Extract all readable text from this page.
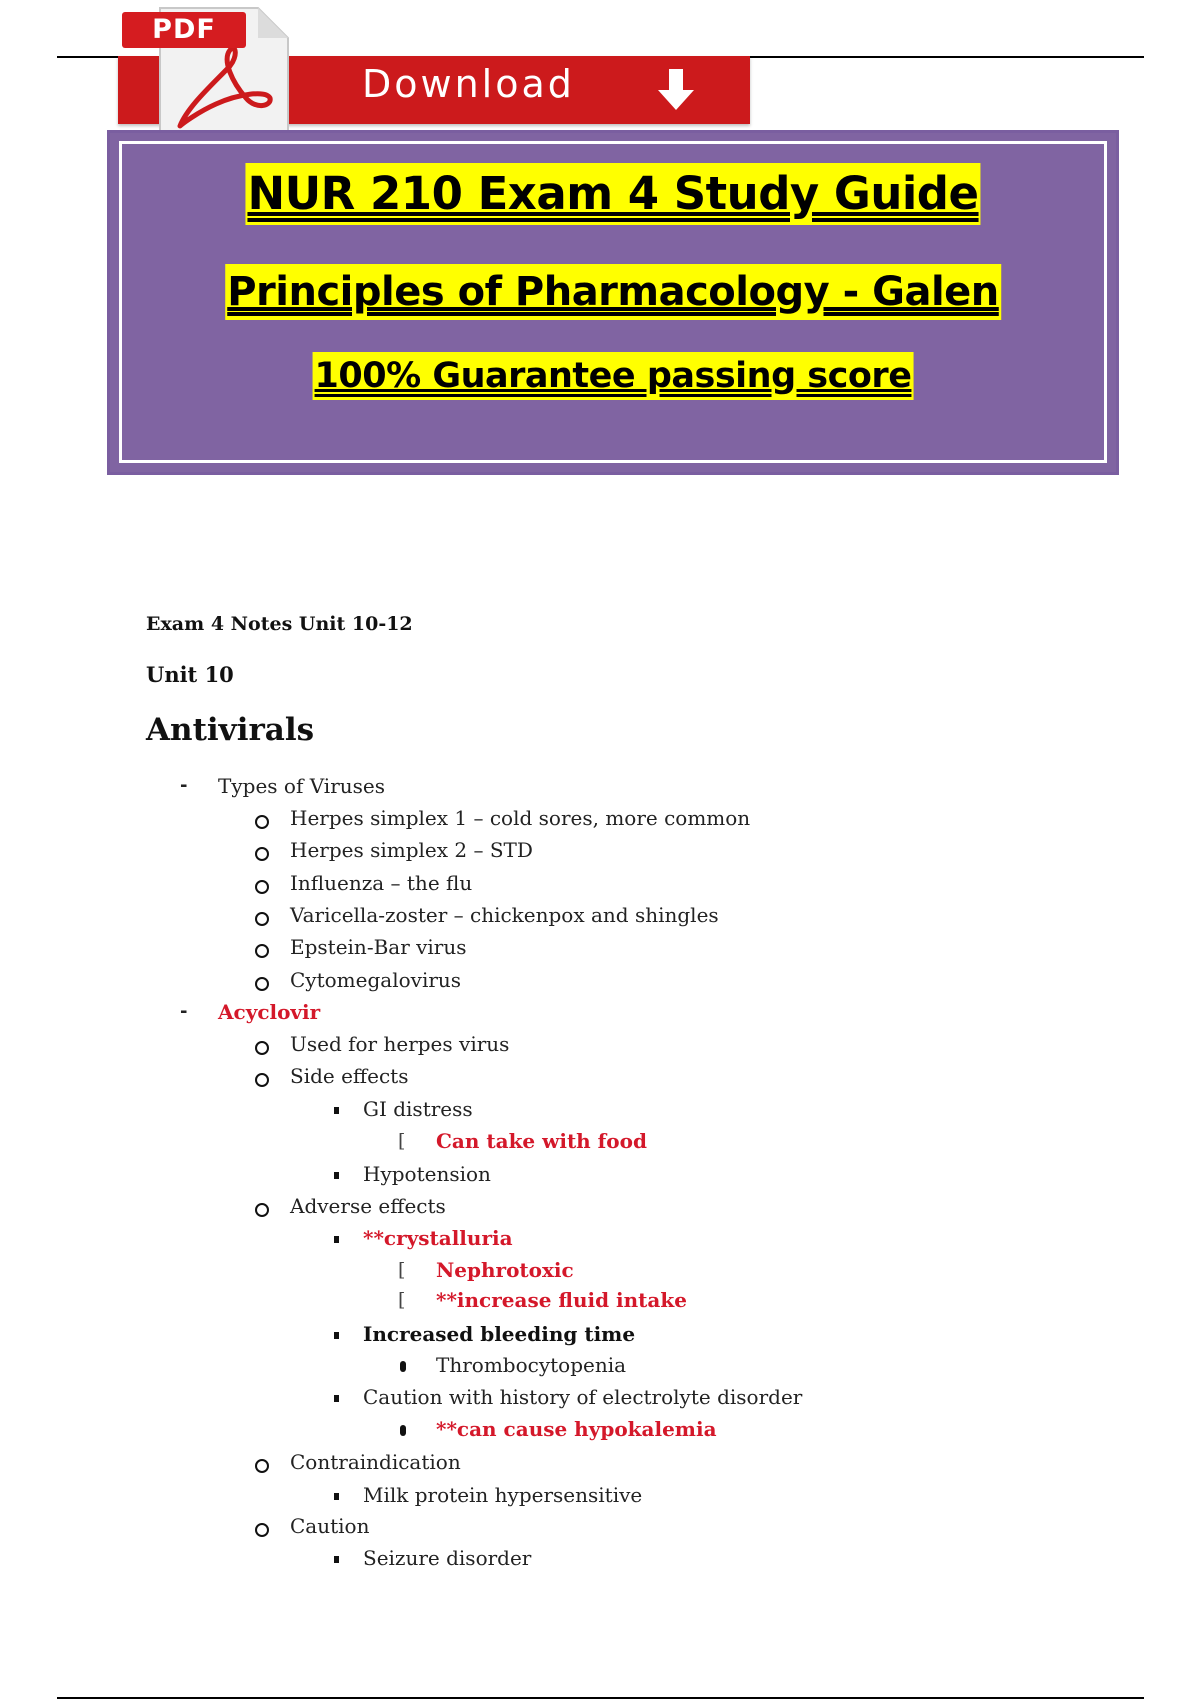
Download
PDF
NUR 210 Exam 4 Study Guide
Principles of Pharmacology - Galen
100% Guarantee passing score
Exam 4 Notes Unit 10-12
Unit 10
Antivirals
- Types of Viruses
Herpes simplex 1 – cold sores, more common
Herpes simplex 2 – STD
Influenza – the flu
Varicella-zoster – chickenpox and shingles
Epstein-Bar virus
Cytomegalovirus
- Acyclovir
Used for herpes virus
Side effects
GI distress
[ Can take with food
Hypotension
Adverse effects
**crystalluria
[ Nephrotoxic
[ **increase fluid intake
Increased bleeding time
Thrombocytopenia
Caution with history of electrolyte disorder
**can cause hypokalemia
Contraindication
Milk protein hypersensitive
Caution
Seizure disorder
